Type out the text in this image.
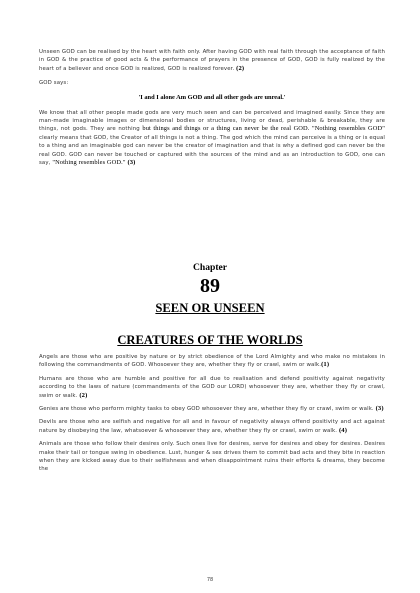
Unseen GOD can be realised by the heart with faith only. After having GOD with real faith through the acceptance of faith in GOD & the practice of good acts & the performance of prayers in the presence of GOD, GOD is fully realized by the heart of a believer and once GOD is realized, GOD is realized forever. (2)

GOD says:

'I and I alone Am GOD and all other gods are unreal.'

We know that all other people made gods are very much seen and can be perceived and imagined easily. Since they are man-made imaginable images or dimensional bodies or structures, living or dead, perishable & breakable, they are things, not gods. They are nothing but things and things or a thing can never be the real GOD. "Nothing resembles GOD" clearly means that GOD, the Creator of all things is not a thing. The god which the mind can perceive is a thing or is equal to a thing and an imaginable god can never be the creator of imagination and that is why a defined god can never be the real GOD. GOD can never be touched or captured with the sources of the mind and as an introduction to GOD, one can say, "Nothing resembles GOD." (3)

Chapter
89
SEEN OR UNSEEN
CREATURES OF THE WORLDS

Angels are those who are positive by nature or by strict obedience of the Lord Almighty and who make no mistakes in following the commandments of GOD. Whosoever they are, whether they fly or crawl, swim or walk.(1)

Humans are those who are humble and positive for all due to realisation and defend positivity against negativity according to the laws of nature (commandments of the GOD our LORD) whosoever they are, whether they fly or crawl, swim or walk. (2)

Genies are those who perform mighty tasks to obey GOD whosoever they are, whether they fly or crawl, swim or walk. (3)

Devils are those who are selfish and negative for all and in favour of negativity always offend positivity and act against nature by disobeying the law, whatsoever & whosoever they are, whether they fly or crawl, swim or walk. (4)

Animals are those who follow their desires only. Such ones live for desires, serve for desires and obey for desires. Desires make their tail or tongue swing in obedience. Lust, hunger & sex drives them to commit bad acts and they bite in reaction when they are kicked away due to their selfishness and when disappointment ruins their efforts & dreams, they become the

78
